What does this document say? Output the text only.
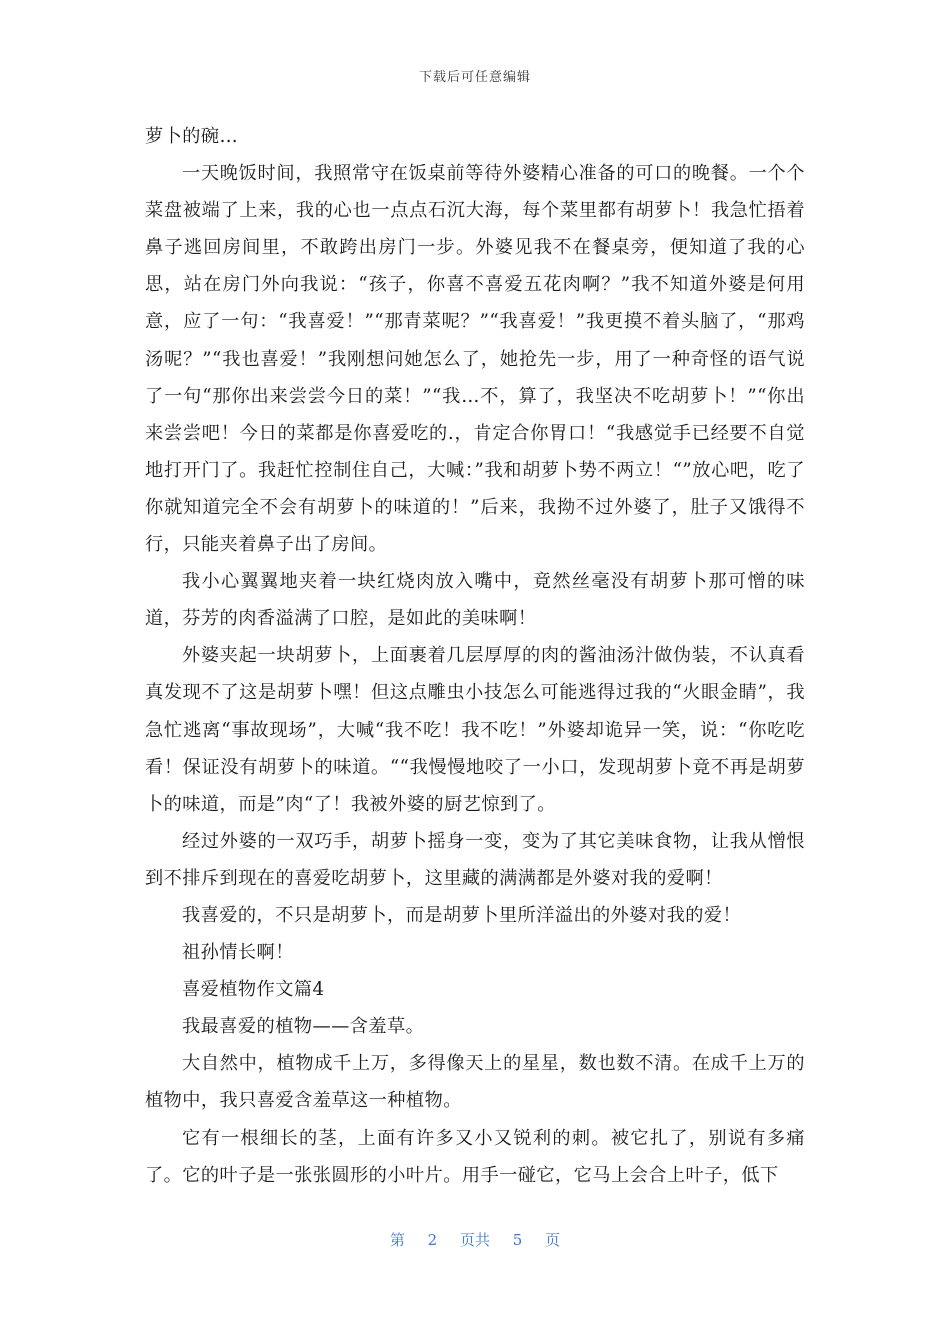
下载后可任意编辑

萝卜的碗…

一天晚饭时间，我照常守在饭桌前等待外婆精心准备的可口的晚餐。一个个菜盘被端了上来，我的心也一点点石沉大海，每个菜里都有胡萝卜！我急忙捂着鼻子逃回房间里，不敢跨出房门一步。外婆见我不在餐桌旁，便知道了我的心思，站在房门外向我说：“孩子，你喜不喜爱五花肉啊？”我不知道外婆是何用意，应了一句：“我喜爱！”“那青菜呢？”“我喜爱！”我更摸不着头脑了，“那鸡汤呢？”“我也喜爱！”我刚想问她怎么了，她抢先一步，用了一种奇怪的语气说了一句“那你出来尝尝今日的菜！”“我…不，算了，我坚决不吃胡萝卜！”“你出来尝尝吧！今日的菜都是你喜爱吃的.，肯定合你胃口！“我感觉手已经要不自觉地打开门了。我赶忙控制住自己，大喊：”我和胡萝卜势不两立！“”放心吧，吃了你就知道完全不会有胡萝卜的味道的！”后来，我拗不过外婆了，肚子又饿得不行，只能夹着鼻子出了房间。

我小心翼翼地夹着一块红烧肉放入嘴中，竟然丝毫没有胡萝卜那可憎的味道，芬芳的肉香溢满了口腔，是如此的美味啊！

外婆夹起一块胡萝卜，上面裹着几层厚厚的肉的酱油汤汁做伪装，不认真看真发现不了这是胡萝卜嘿！但这点雕虫小技怎么可能逃得过我的“火眼金睛”，我急忙逃离“事故现场”，大喊“我不吃！我不吃！”外婆却诡异一笑，说：“你吃吃看！保证没有胡萝卜的味道。““我慢慢地咬了一小口，发现胡萝卜竟不再是胡萝卜的味道，而是”肉“了！我被外婆的厨艺惊到了。

经过外婆的一双巧手，胡萝卜摇身一变，变为了其它美味食物，让我从憎恨到不排斥到现在的喜爱吃胡萝卜，这里藏的满满都是外婆对我的爱啊！

我喜爱的，不只是胡萝卜，而是胡萝卜里所洋溢出的外婆对我的爱！

祖孙情长啊！

喜爱植物作文篇4

我最喜爱的植物——含羞草。

大自然中，植物成千上万，多得像天上的星星，数也数不清。在成千上万的植物中，我只喜爱含羞草这一种植物。

它有一根细长的茎，上面有许多又小又锐利的刺。被它扎了，别说有多痛了。它的叶子是一张张圆形的小叶片。用手一碰它，它马上会合上叶子，低下

第 2 页共 5 页
